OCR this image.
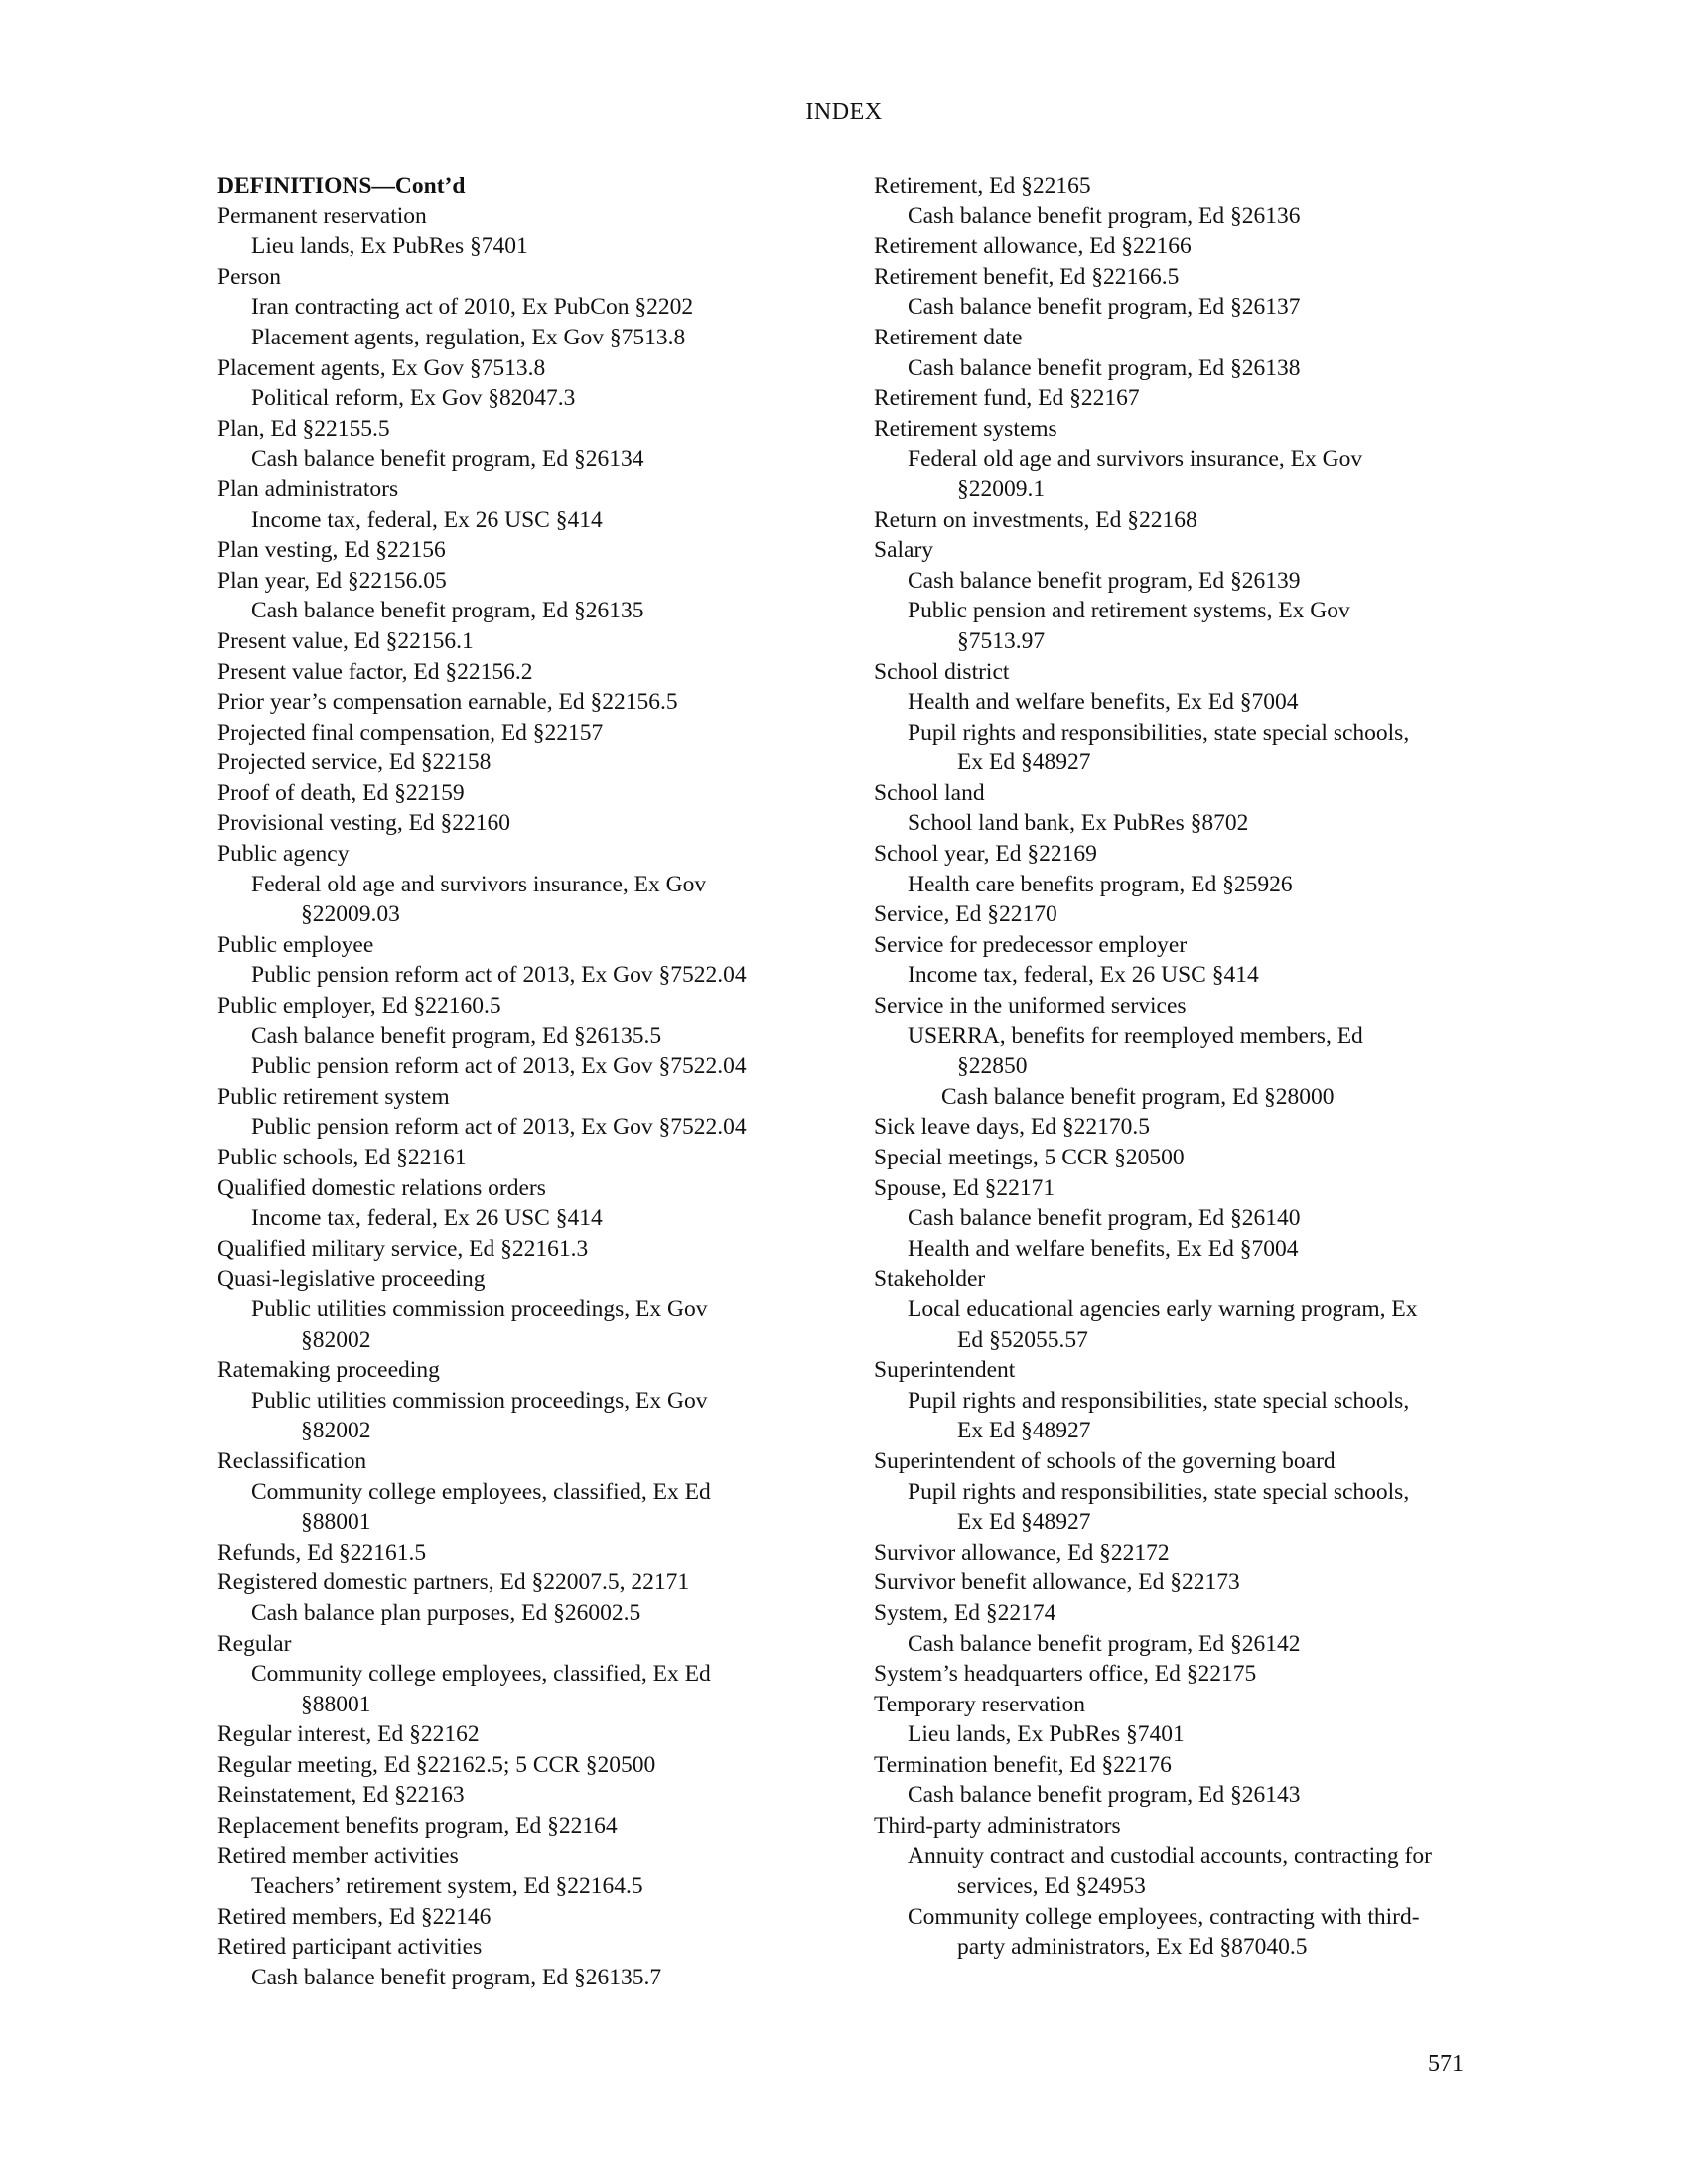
INDEX
DEFINITIONS—Cont’d
Permanent reservation
Lieu lands, Ex PubRes §7401
Person
Iran contracting act of 2010, Ex PubCon §2202
Placement agents, regulation, Ex Gov §7513.8
Placement agents, Ex Gov §7513.8
Political reform, Ex Gov §82047.3
Plan, Ed §22155.5
Cash balance benefit program, Ed §26134
Plan administrators
Income tax, federal, Ex 26 USC §414
Plan vesting, Ed §22156
Plan year, Ed §22156.05
Cash balance benefit program, Ed §26135
Present value, Ed §22156.1
Present value factor, Ed §22156.2
Prior year’s compensation earnable, Ed §22156.5
Projected final compensation, Ed §22157
Projected service, Ed §22158
Proof of death, Ed §22159
Provisional vesting, Ed §22160
Public agency
Federal old age and survivors insurance, Ex Gov
§22009.03
Public employee
Public pension reform act of 2013, Ex Gov §7522.04
Public employer, Ed §22160.5
Cash balance benefit program, Ed §26135.5
Public pension reform act of 2013, Ex Gov §7522.04
Public retirement system
Public pension reform act of 2013, Ex Gov §7522.04
Public schools, Ed §22161
Qualified domestic relations orders
Income tax, federal, Ex 26 USC §414
Qualified military service, Ed §22161.3
Quasi-legislative proceeding
Public utilities commission proceedings, Ex Gov
§82002
Ratemaking proceeding
Public utilities commission proceedings, Ex Gov
§82002
Reclassification
Community college employees, classified, Ex Ed
§88001
Refunds, Ed §22161.5
Registered domestic partners, Ed §22007.5, 22171
Cash balance plan purposes, Ed §26002.5
Regular
Community college employees, classified, Ex Ed
§88001
Regular interest, Ed §22162
Regular meeting, Ed §22162.5; 5 CCR §20500
Reinstatement, Ed §22163
Replacement benefits program, Ed §22164
Retired member activities
Teachers’ retirement system, Ed §22164.5
Retired members, Ed §22146
Retired participant activities
Cash balance benefit program, Ed §26135.7
Retirement, Ed §22165
Cash balance benefit program, Ed §26136
Retirement allowance, Ed §22166
Retirement benefit, Ed §22166.5
Cash balance benefit program, Ed §26137
Retirement date
Cash balance benefit program, Ed §26138
Retirement fund, Ed §22167
Retirement systems
Federal old age and survivors insurance, Ex Gov
§22009.1
Return on investments, Ed §22168
Salary
Cash balance benefit program, Ed §26139
Public pension and retirement systems, Ex Gov
§7513.97
School district
Health and welfare benefits, Ex Ed §7004
Pupil rights and responsibilities, state special schools,
Ex Ed §48927
School land
School land bank, Ex PubRes §8702
School year, Ed §22169
Health care benefits program, Ed §25926
Service, Ed §22170
Service for predecessor employer
Income tax, federal, Ex 26 USC §414
Service in the uniformed services
USERRA, benefits for reemployed members, Ed
§22850
Cash balance benefit program, Ed §28000
Sick leave days, Ed §22170.5
Special meetings, 5 CCR §20500
Spouse, Ed §22171
Cash balance benefit program, Ed §26140
Health and welfare benefits, Ex Ed §7004
Stakeholder
Local educational agencies early warning program, Ex
Ed §52055.57
Superintendent
Pupil rights and responsibilities, state special schools,
Ex Ed §48927
Superintendent of schools of the governing board
Pupil rights and responsibilities, state special schools,
Ex Ed §48927
Survivor allowance, Ed §22172
Survivor benefit allowance, Ed §22173
System, Ed §22174
Cash balance benefit program, Ed §26142
System’s headquarters office, Ed §22175
Temporary reservation
Lieu lands, Ex PubRes §7401
Termination benefit, Ed §22176
Cash balance benefit program, Ed §26143
Third-party administrators
Annuity contract and custodial accounts, contracting for
services, Ed §24953
Community college employees, contracting with third-
party administrators, Ex Ed §87040.5
571
